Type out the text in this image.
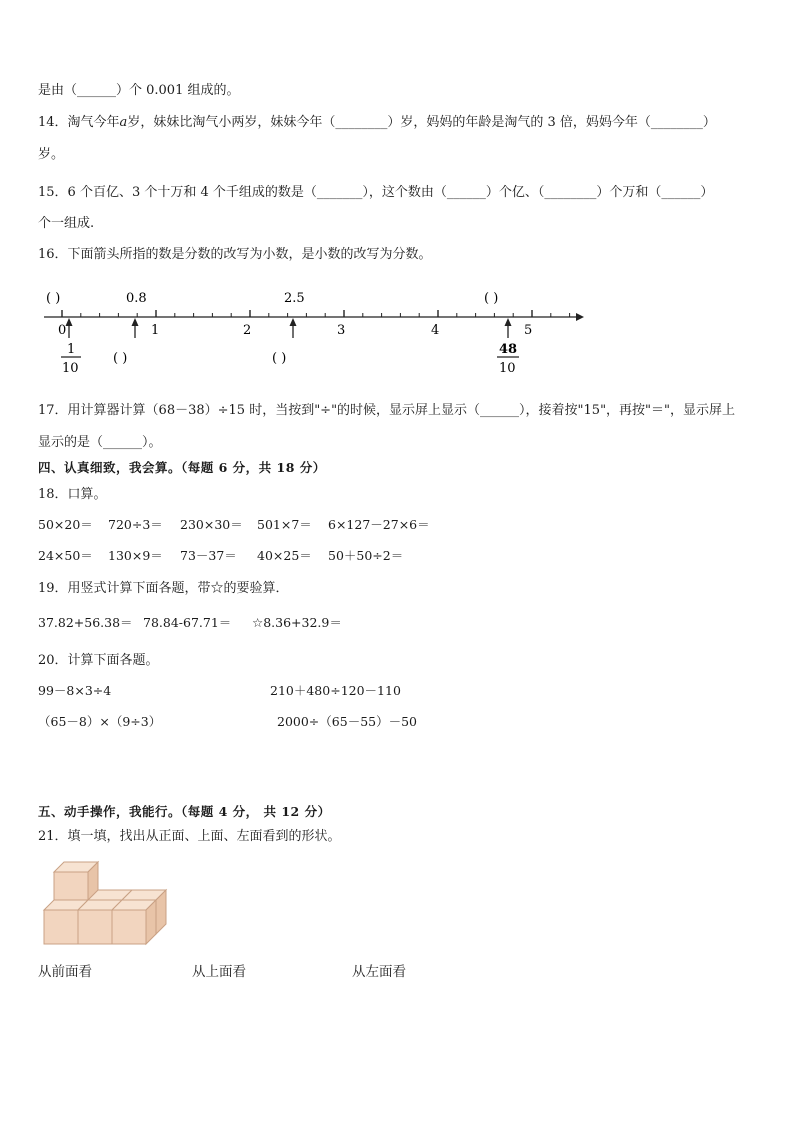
是由（______）个 0.001 组成的。
14．淘气今年a岁，妹妹比淘气小两岁，妹妹今年（________）岁，妈妈的年龄是淘气的 3 倍，妈妈今年（________）
岁。
15．6 个百亿、3 个十万和 4 个千组成的数是（_______），这个数由（______）个亿、（________）个万和（______）
个一组成.
16．下面箭头所指的数是分数的改写为小数，是小数的改写为分数。
( )	0.8	2.5	( )
0	1	2	3	4	5
1
10
( )	( )
48
10
17．用计算器计算（68－38）÷15 时，当按到"÷"的时候，显示屏上显示（______），接着按"15"，再按"＝"，显示屏上
显示的是（______）。
四、认真细致，我会算。（每题 6 分，共 18 分）
18．口算。
50×20＝ 720÷3＝ 230×30＝ 501×7＝ 6×127－27×6＝
24×50＝ 130×9＝ 73－37＝ 40×25＝ 50＋50÷2＝
19．用竖式计算下面各题，带☆的要验算．
37.82+56.38＝ 78.84-67.71＝ ☆8.36+32.9＝
20．计算下面各题。
99－8×3÷4	210＋480÷120－110
（65－8）×（9÷3）	2000÷（65－55）－50
五、动手操作，我能行。（每题 4 分， 共 12 分）
21．填一填，找出从正面、上面、左面看到的形状。
从前面看	从上面看	从左面看
